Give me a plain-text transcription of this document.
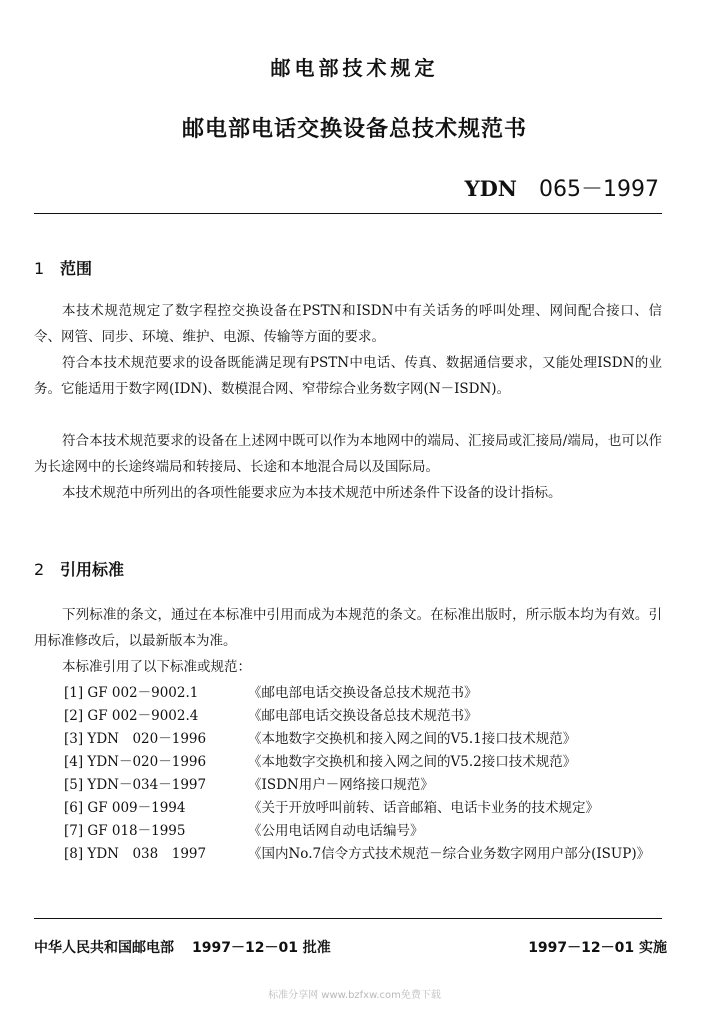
邮电部技术规定
邮电部电话交换设备总技术规范书
YDN 065－1997
1 范围

本技术规范规定了数字程控交换设备在PSTN和ISDN中有关话务的呼叫处理、网间配合接口、信令、网管、同步、环境、维护、电源、传输等方面的要求。

符合本技术规范要求的设备既能满足现有PSTN中电话、传真、数据通信要求，又能处理ISDN的业务。它能适用于数字网(IDN)、数模混合网、窄带综合业务数字网(N－ISDN)。

符合本技术规范要求的设备在上述网中既可以作为本地网中的端局、汇接局或汇接局/端局，也可以作为长途网中的长途终端局和转接局、长途和本地混合局以及国际局。

本技术规范中所列出的各项性能要求应为本技术规范中所述条件下设备的设计指标。

2 引用标准

下列标准的条文，通过在本标准中引用而成为本规范的条文。在标准出版时，所示版本均为有效。引用标准修改后，以最新版本为准。

本标准引用了以下标准或规范：

[1] GF 002－9002.1	《邮电部电话交换设备总技术规范书》
[2] GF 002－9002.4	《邮电部电话交换设备总技术规范书》
[3] YDN　020－1996	《本地数字交换机和接入网之间的V5.1接口技术规范》
[4] YDN－020－1996	《本地数字交换机和接入网之间的V5.2接口技术规范》
[5] YDN－034－1997	《ISDN用户－网络接口规范》
[6] GF 009－1994	《关于开放呼叫前转、话音邮箱、电话卡业务的技术规定》
[7] GF 018－1995	《公用电话网自动电话编号》
[8] YDN　038　1997	《国内No.7信令方式技术规范－综合业务数字网用户部分(ISUP)》
中华人民共和国邮电部 1997－12－01 批准	1997－12－01 实施
标准分享网 www.bzfxw.com免费下载
